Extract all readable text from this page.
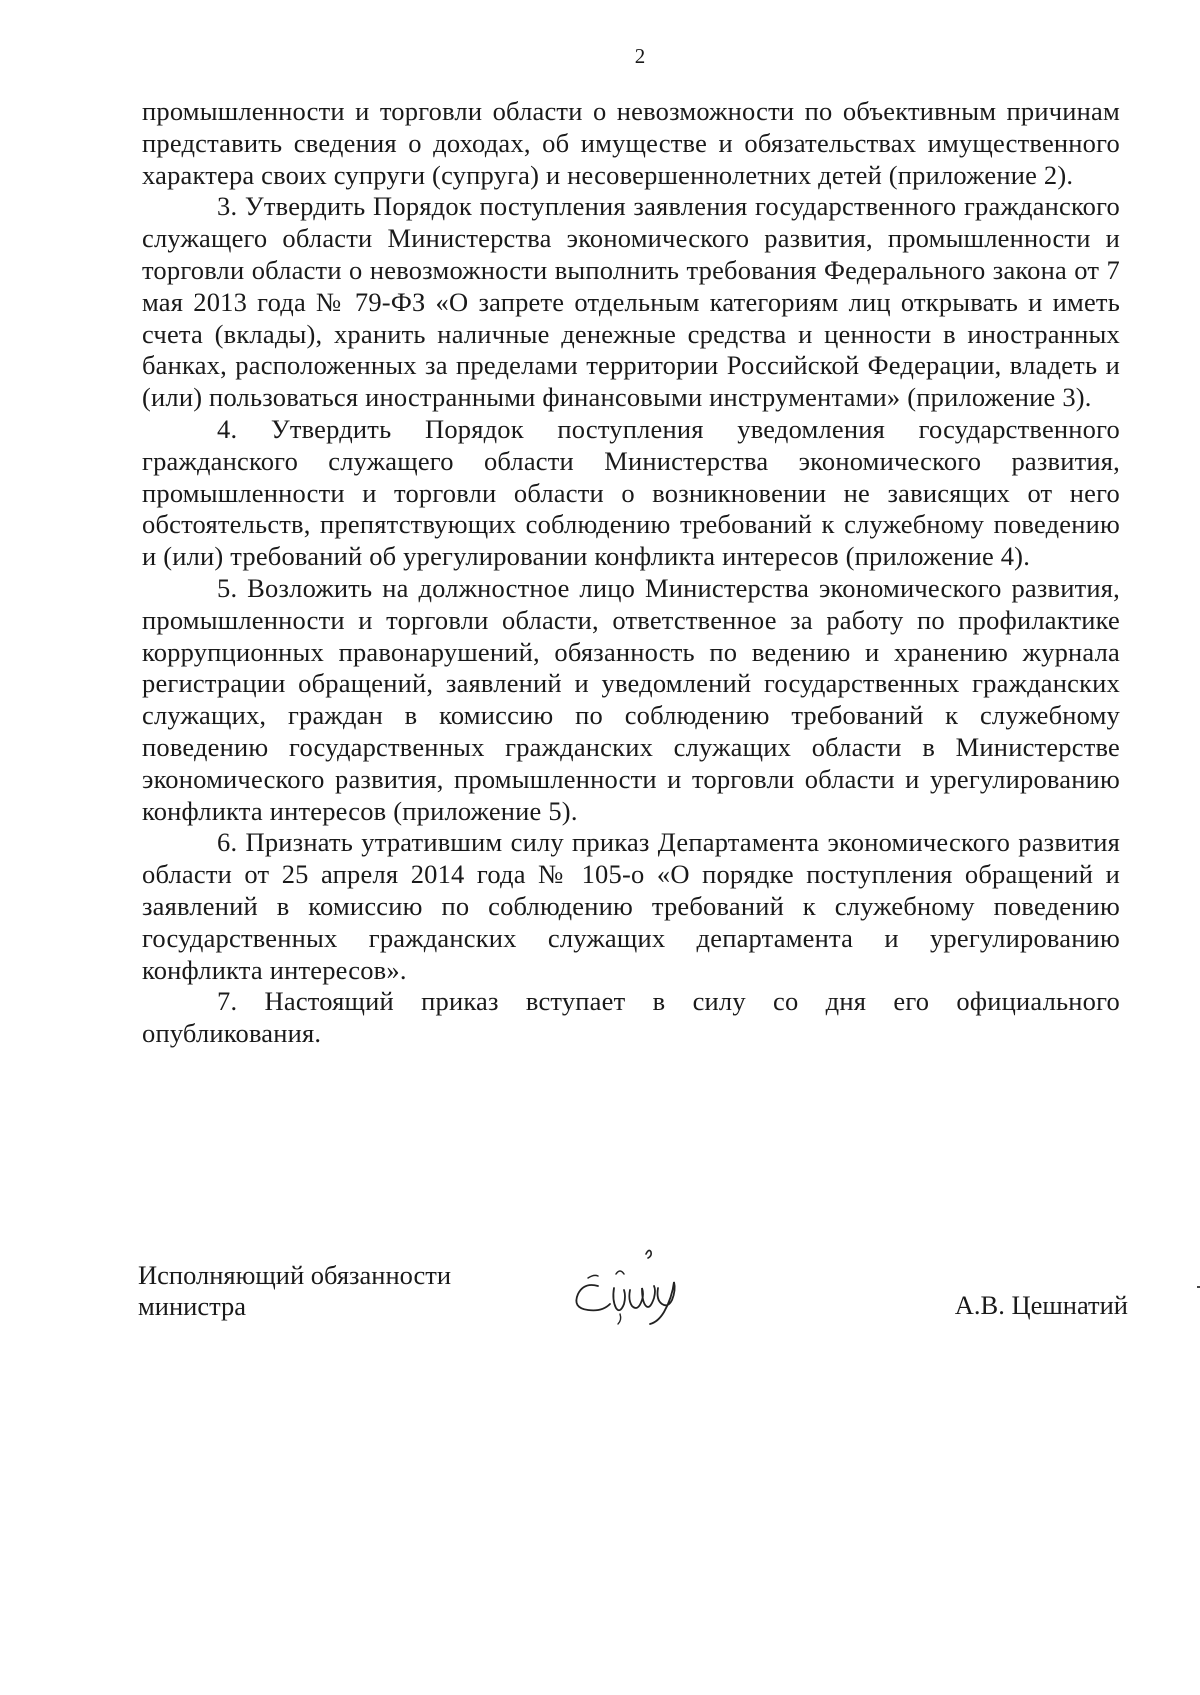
2

промышленности и торговли области о невозможности по объективным причинам представить сведения о доходах, об имуществе и обязательствах имущественного характера своих супруги (супруга) и несовершеннолетних детей (приложение 2).

3. Утвердить Порядок поступления заявления государственного гражданского служащего области Министерства экономического развития, промышленности и торговли области о невозможности выполнить требования Федерального закона от 7 мая 2013 года № 79-ФЗ «О запрете отдельным категориям лиц открывать и иметь счета (вклады), хранить наличные денежные средства и ценности в иностранных банках, расположенных за пределами территории Российской Федерации, владеть и (или) пользоваться иностранными финансовыми инструментами» (приложение 3).

4. Утвердить Порядок поступления уведомления государственного гражданского служащего области Министерства экономического развития, промышленности и торговли области о возникновении не зависящих от него обстоятельств, препятствующих соблюдению требований к служебному поведению и (или) требований об урегулировании конфликта интересов (приложение 4).

5. Возложить на должностное лицо Министерства экономического развития, промышленности и торговли области, ответственное за работу по профилактике коррупционных правонарушений, обязанность по ведению и хранению журнала регистрации обращений, заявлений и уведомлений государственных гражданских служащих, граждан в комиссию по соблюдению требований к служебному поведению государственных гражданских служащих области в Министерстве экономического развития, промышленности и торговли области и урегулированию конфликта интересов (приложение 5).

6. Признать утратившим силу приказ Департамента экономического развития области от 25 апреля 2014 года № 105-о «О порядке поступления обращений и заявлений в комиссию по соблюдению требований к служебному поведению государственных гражданских служащих департамента и урегулированию конфликта интересов».

7. Настоящий приказ вступает в силу со дня его официального опубликования.

Исполняющий обязанности
министра	А.В. Цешнатий
